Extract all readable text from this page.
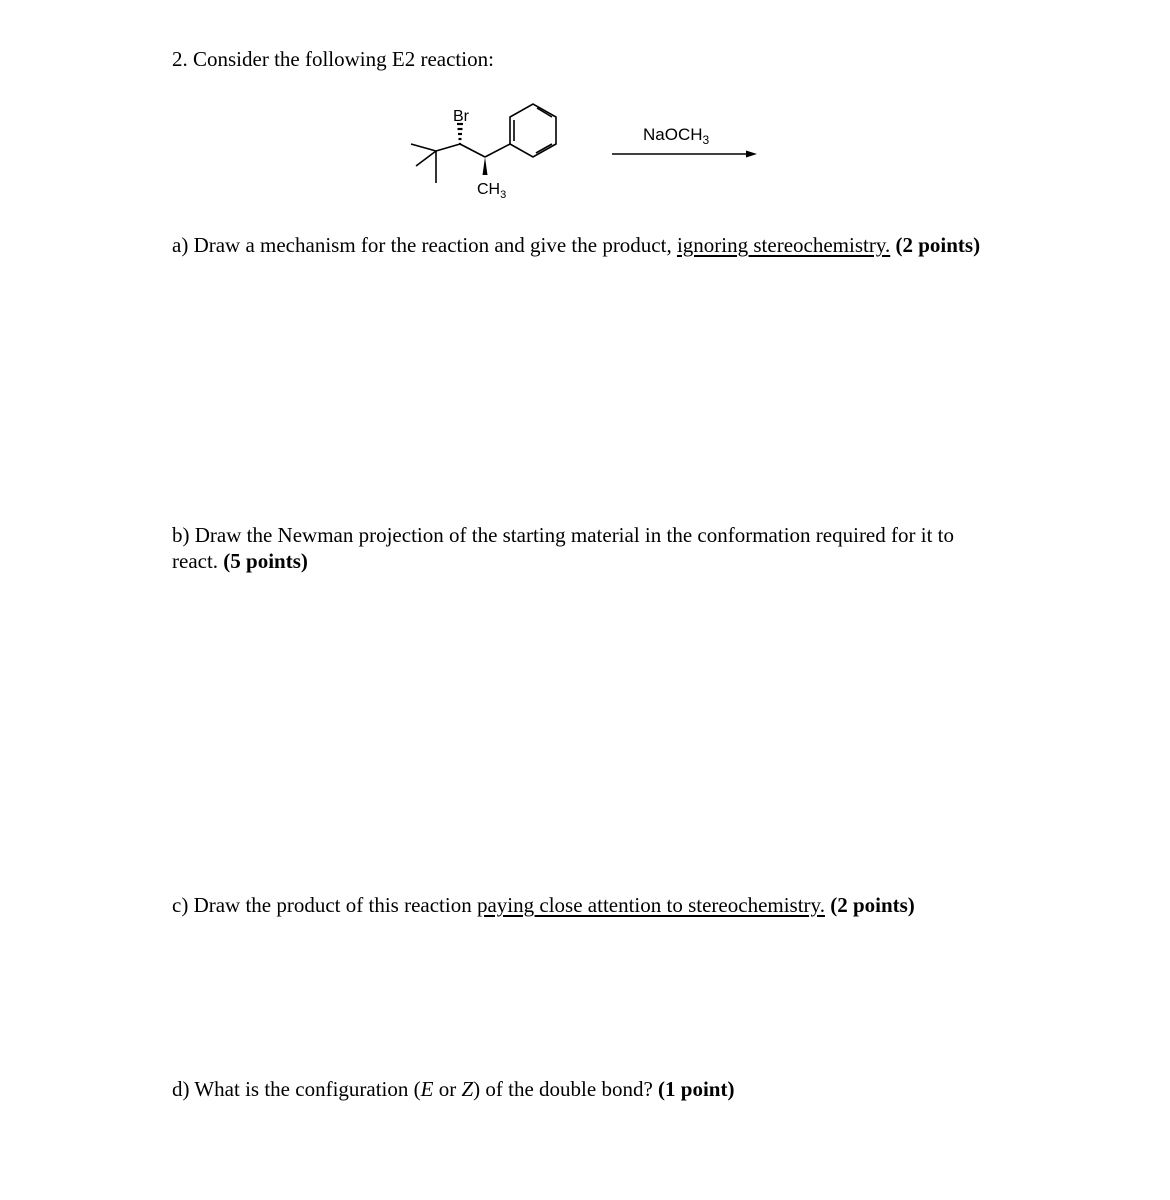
2. Consider the following E2 reaction:

Br
$CH_3$
NaOCH$_3$

a) Draw a mechanism for the reaction and give the product, ignoring stereochemistry. (2 points)

b) Draw the Newman projection of the starting material in the conformation required for it to react. (5 points)

c) Draw the product of this reaction paying close attention to stereochemistry. (2 points)

d) What is the configuration (E or Z) of the double bond? (1 point)
